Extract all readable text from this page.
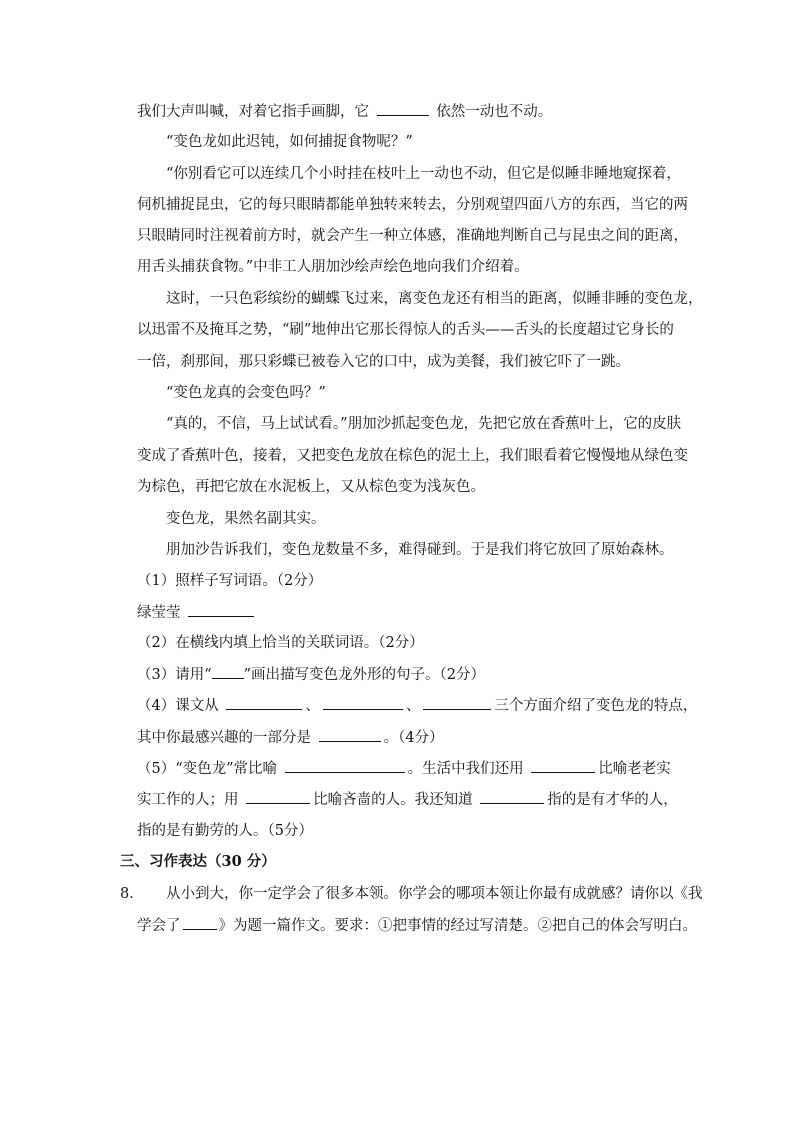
我们大声叫喊，对着它指手画脚，它	依然一动也不动。
“变色龙如此迟钝，如何捕捉食物呢？”
“你别看它可以连续几个小时挂在枝叶上一动也不动，但它是似睡非睡地窥探着，
伺机捕捉昆虫，它的每只眼睛都能单独转来转去，分别观望四面八方的东西，当它的两
只眼睛同时注视着前方时，就会产生一种立体感，准确地判断自己与昆虫之间的距离，
用舌头捕获食物。”中非工人朋加沙绘声绘色地向我们介绍着。
这时，一只色彩缤纷的蝴蝶飞过来，离变色龙还有相当的距离，似睡非睡的变色龙，
以迅雷不及掩耳之势，“刷”地伸出它那长得惊人的舌头——舌头的长度超过它身长的
一倍，刹那间，那只彩蝶已被卷入它的口中，成为美餐，我们被它吓了一跳。
“变色龙真的会变色吗？”
“真的，不信，马上试试看。”朋加沙抓起变色龙，先把它放在香蕉叶上，它的皮肤
变成了香蕉叶色，接着，又把变色龙放在棕色的泥土上，我们眼看着它慢慢地从绿色变
为棕色，再把它放在水泥板上，又从棕色变为浅灰色。
变色龙，果然名副其实。
朋加沙告诉我们，变色龙数量不多，难得碰到。于是我们将它放回了原始森林。
（1）照样子写词语。（2分）
绿莹莹
（2）在横线内填上恰当的关联词语。（2分）
（3）请用“ ”画出描写变色龙外形的句子。（2分）
（4）课文从	、	、	三个方面介绍了变色龙的特点，
其中你最感兴趣的一部分是	。（4分）
（5）“变色龙”常比喻	。生活中我们还用	比喻老老实
实工作的人；用	比喻吝啬的人。我还知道	指的是有才华的人，
指的是有勤劳的人。（5分）
三、习作表达（30 分）
8． 从小到大，你一定学会了很多本领。你学会的哪项本领让你最有成就感？请你以《我
学会了	》为题一篇作文。要求：①把事情的经过写清楚。②把自己的体会写明白。
